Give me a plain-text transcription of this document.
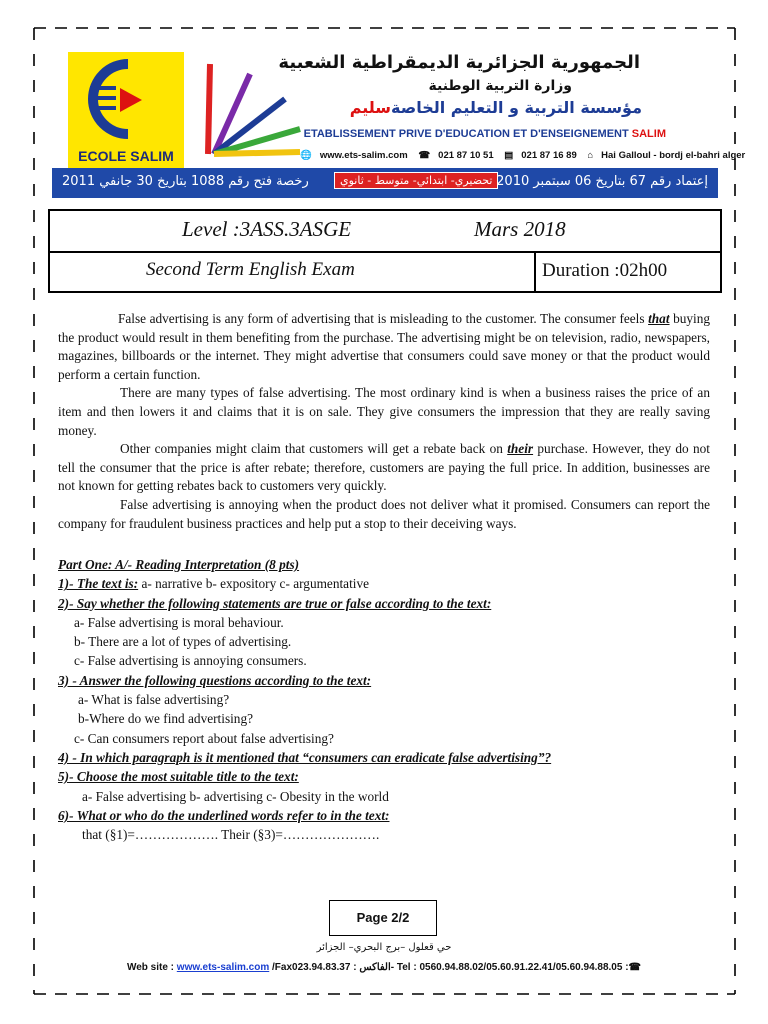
ECOLE SALIM
الجمهورية الجزائرية الديمقراطية الشعبية
وزارة التربية الوطنية
مؤسسة التربية و التعليم الخاصةسليم
ETABLISSEMENT PRIVE D'EDUCATION ET D'ENSEIGNEMENT SALIM
🌐 www.ets-salim.com ☎ 021 87 10 51 ▤ 021 87 16 89 ⌂ Hai Galloul - bordj el-bahri alger
رخصة فتح رقم 1088 بتاريخ 30 جانفي 2011	تحضيري- ابتدائي- متوسط - ثانوي إعتماد رقم 67 بتاريخ 06 سبتمبر 2010
Level :3ASS.3ASGE	Mars 2018
Second Term English Exam	Duration :02h00

False advertising is any form of advertising that is misleading to the customer. The consumer feels that buying the product would result in them benefiting from the purchase. The advertising might be on television, radio, newspapers, magazines, billboards or the internet. They might advertise that consumers could save money or that the product would perform a certain function.

There are many types of false advertising. The most ordinary kind is when a business raises the price of an item and then lowers it and claims that it is on sale. They give consumers the impression that they are really saving money.

Other companies might claim that customers will get a rebate back on their purchase. However, they do not tell the consumer that the price is after rebate; therefore, customers are paying the full price. In addition, businesses are not known for getting rebates back to customers very quickly.

False advertising is annoying when the product does not deliver what it promised. Consumers can report the company for fraudulent business practices and help put a stop to their deceiving ways.

Part One: A/- Reading Interpretation (8 pts)
1)- The text is: a- narrative b- expository c- argumentative
2)- Say whether the following statements are true or false according to the text:
a- False advertising is moral behaviour.
b- There are a lot of types of advertising.
c- False advertising is annoying consumers.
3) - Answer the following questions according to the text:
a- What is false advertising?
b-Where do we find advertising?
c- Can consumers report about false advertising?
4) - In which paragraph is it mentioned that “consumers can eradicate false advertising”?
5)- Choose the most suitable title to the text:
a- False advertising b- advertising c- Obesity in the world
6)- What or who do the underlined words refer to in the text:
that (§1)=………………. Their (§3)=………………….
Page 2/2
حي قعلول –برج البحري– الجزائر
Web site : www.ets-salim.com /Fax023.94.83.37 : الفاكس- Tel : 0560.94.88.02/05.60.91.22.41/05.60.94.88.05 :☎
